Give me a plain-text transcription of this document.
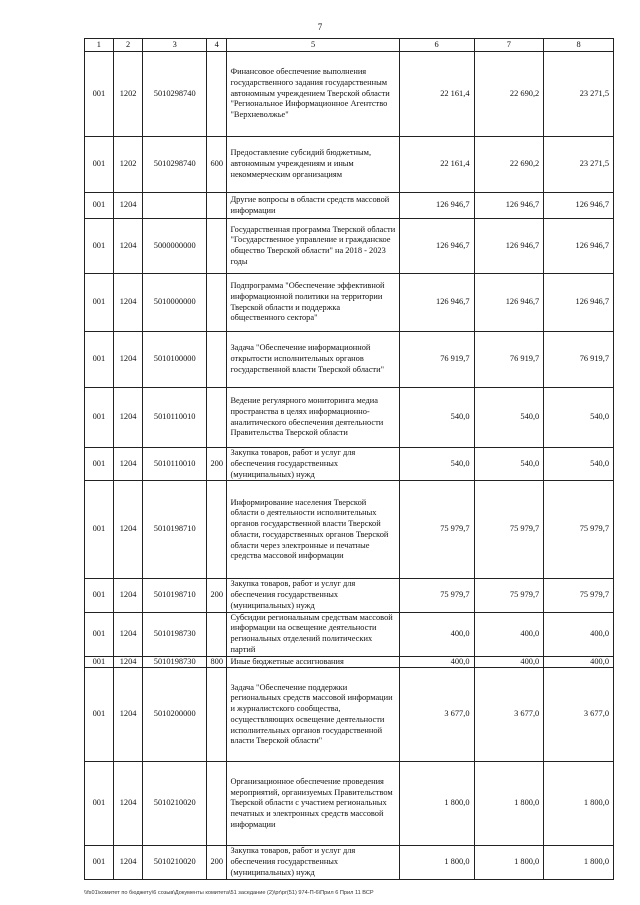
7
1	2	3	4	5	6	7	8
001	1202	5010298740		Финансовое обеспечение выполнения государственного задания государственным автономным учреждением Тверской области "Региональное Информационное Агентство "Верхневолжье"	22 161,4	22 690,2	23 271,5
001	1202	5010298740	600	Предоставление субсидий бюджетным, автономным учреждениям и иным некоммерческим организациям	22 161,4	22 690,2	23 271,5
001	1204			Другие вопросы в области средств массовой информации	126 946,7	126 946,7	126 946,7
001	1204	5000000000		Государственная программа Тверской области "Государственное управление и гражданское общество Тверской области" на 2018 - 2023 годы	126 946,7	126 946,7	126 946,7
001	1204	5010000000		Подпрограмма "Обеспечение эффективной информационной политики на территории Тверской области и поддержка общественного сектора"	126 946,7	126 946,7	126 946,7
001	1204	5010100000		Задача "Обеспечение информационной открытости исполнительных органов государственной власти Тверской области"	76 919,7	76 919,7	76 919,7
001	1204	5010110010		Ведение регулярного мониторинга медиа пространства в целях информационно-аналитического обеспечения деятельности Правительства Тверской области	540,0	540,0	540,0
001	1204	5010110010	200	Закупка товаров, работ и услуг для обеспечения государственных (муниципальных) нужд	540,0	540,0	540,0
001	1204	5010198710		Информирование населения Тверской области о деятельности исполнительных органов государственной власти Тверской области, государственных органов Тверской области через электронные и печатные средства массовой информации	75 979,7	75 979,7	75 979,7
001	1204	5010198710	200	Закупка товаров, работ и услуг для обеспечения государственных (муниципальных) нужд	75 979,7	75 979,7	75 979,7
001	1204	5010198730		Субсидии региональным средствам массовой информации на освещение деятельности региональных отделений политических партий	400,0	400,0	400,0
001	1204	5010198730	800	Иные бюджетные ассигнования	400,0	400,0	400,0
001	1204	5010200000		Задача "Обеспечение поддержки региональных средств массовой информации и журналистского сообщества, осуществляющих освещение деятельности исполнительных органов государственной власти Тверской области"	3 677,0	3 677,0	3 677,0
001	1204	5010210020		Организационное обеспечение проведения мероприятий, организуемых Правительством Тверской области с участием региональных печатных и электронных средств массовой информации	1 800,0	1 800,0	1 800,0
001	1204	5010210020	200	Закупка товаров, работ и услуг для обеспечения государственных (муниципальных) нужд	1 800,0	1 800,0	1 800,0
\\fs01\комитет по бюджету\6 созыв\Документы комитета\51 заседание (2)\pr\pr(51) 974-П-6\Прил 6 Прил 11 ВСР
